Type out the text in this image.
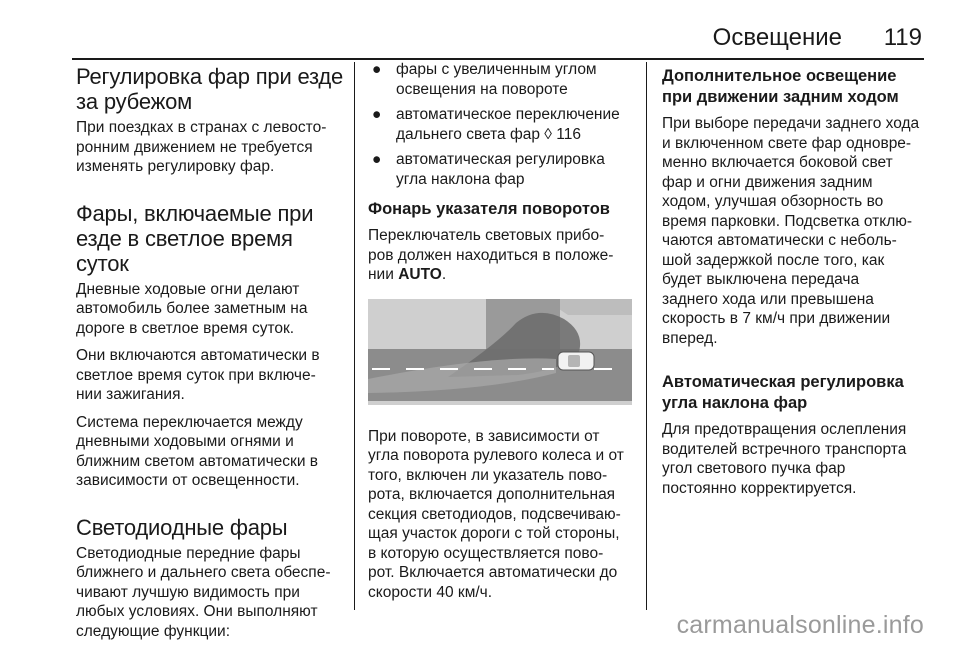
Освещение 119
Регулировка фар при езде
за рубежом

При поездках в странах с левосто-
ронним движением не требуется
изменять регулировку фар.

Фары, включаемые при
езде в светлое время
суток

Дневные ходовые огни делают
автомобиль более заметным на
дороге в светлое время суток.

Они включаются автоматически в
светлое время суток при включе-
нии зажигания.

Система переключается между
дневными ходовыми огнями и
ближним светом автоматически в
зависимости от освещенности.

Светодиодные фары

Светодиодные передние фары
ближнего и дальнего света обеспе-
чивают лучшую видимость при
любых условиях. Они выполняют
следующие функции:

● фары с увеличенным углом
освещения на повороте
● автоматическое переключение
дальнего света фар ◊ 116
● автоматическая регулировка
угла наклона фар
Фонарь указателя поворотов

Переключатель световых прибо-
ров должен находиться в положе-
нии AUTO.

При повороте, в зависимости от
угла поворота рулевого колеса и от
того, включен ли указатель пово-
рота, включается дополнительная
секция светодиодов, подсвечиваю-
щая участок дороги с той стороны,
в которую осуществляется пово-
рот. Включается автоматически до
скорости 40 км/ч.

Дополнительное освещение
при движении задним ходом

При выборе передачи заднего хода
и включенном свете фар одновре-
менно включается боковой свет
фар и огни движения задним
ходом, улучшая обзорность во
время парковки. Подсветка отклю-
чаются автоматически с неболь-
шой задержкой после того, как
будет выключена передача
заднего хода или превышена
скорость в 7 км/ч при движении
вперед.

Автоматическая регулировка
угла наклона фар

Для предотвращения ослепления
водителей встречного транспорта
угол светового пучка фар
постоянно корректируется.

carmanualsonline.info
